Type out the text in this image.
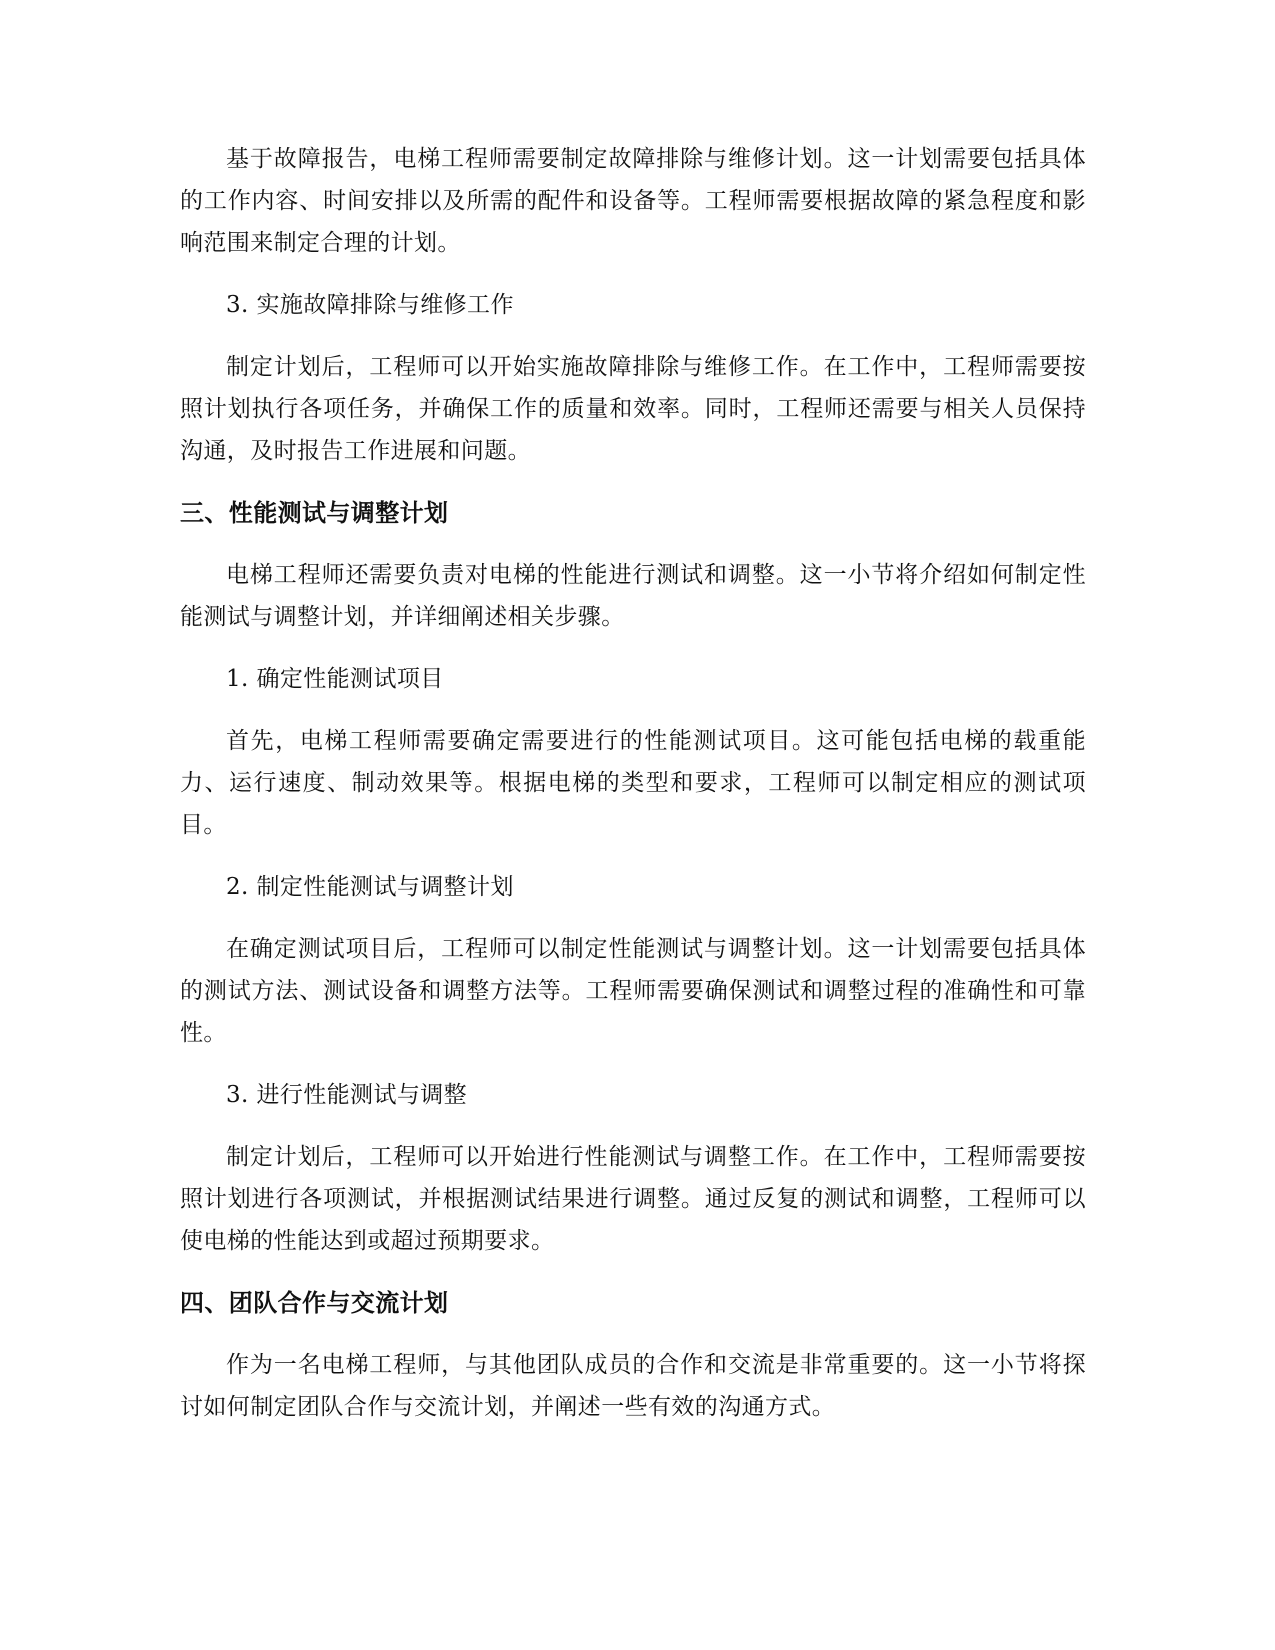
基于故障报告，电梯工程师需要制定故障排除与维修计划。这一计划需要包括具体的工作内容、时间安排以及所需的配件和设备等。工程师需要根据故障的紧急程度和影响范围来制定合理的计划。

3. 实施故障排除与维修工作

制定计划后，工程师可以开始实施故障排除与维修工作。在工作中，工程师需要按照计划执行各项任务，并确保工作的质量和效率。同时，工程师还需要与相关人员保持沟通，及时报告工作进展和问题。

三、性能测试与调整计划

电梯工程师还需要负责对电梯的性能进行测试和调整。这一小节将介绍如何制定性能测试与调整计划，并详细阐述相关步骤。

1. 确定性能测试项目

首先，电梯工程师需要确定需要进行的性能测试项目。这可能包括电梯的载重能力、运行速度、制动效果等。根据电梯的类型和要求，工程师可以制定相应的测试项目。

2. 制定性能测试与调整计划

在确定测试项目后，工程师可以制定性能测试与调整计划。这一计划需要包括具体的测试方法、测试设备和调整方法等。工程师需要确保测试和调整过程的准确性和可靠性。

3. 进行性能测试与调整

制定计划后，工程师可以开始进行性能测试与调整工作。在工作中，工程师需要按照计划进行各项测试，并根据测试结果进行调整。通过反复的测试和调整，工程师可以使电梯的性能达到或超过预期要求。

四、团队合作与交流计划

作为一名电梯工程师，与其他团队成员的合作和交流是非常重要的。这一小节将探讨如何制定团队合作与交流计划，并阐述一些有效的沟通方式。
